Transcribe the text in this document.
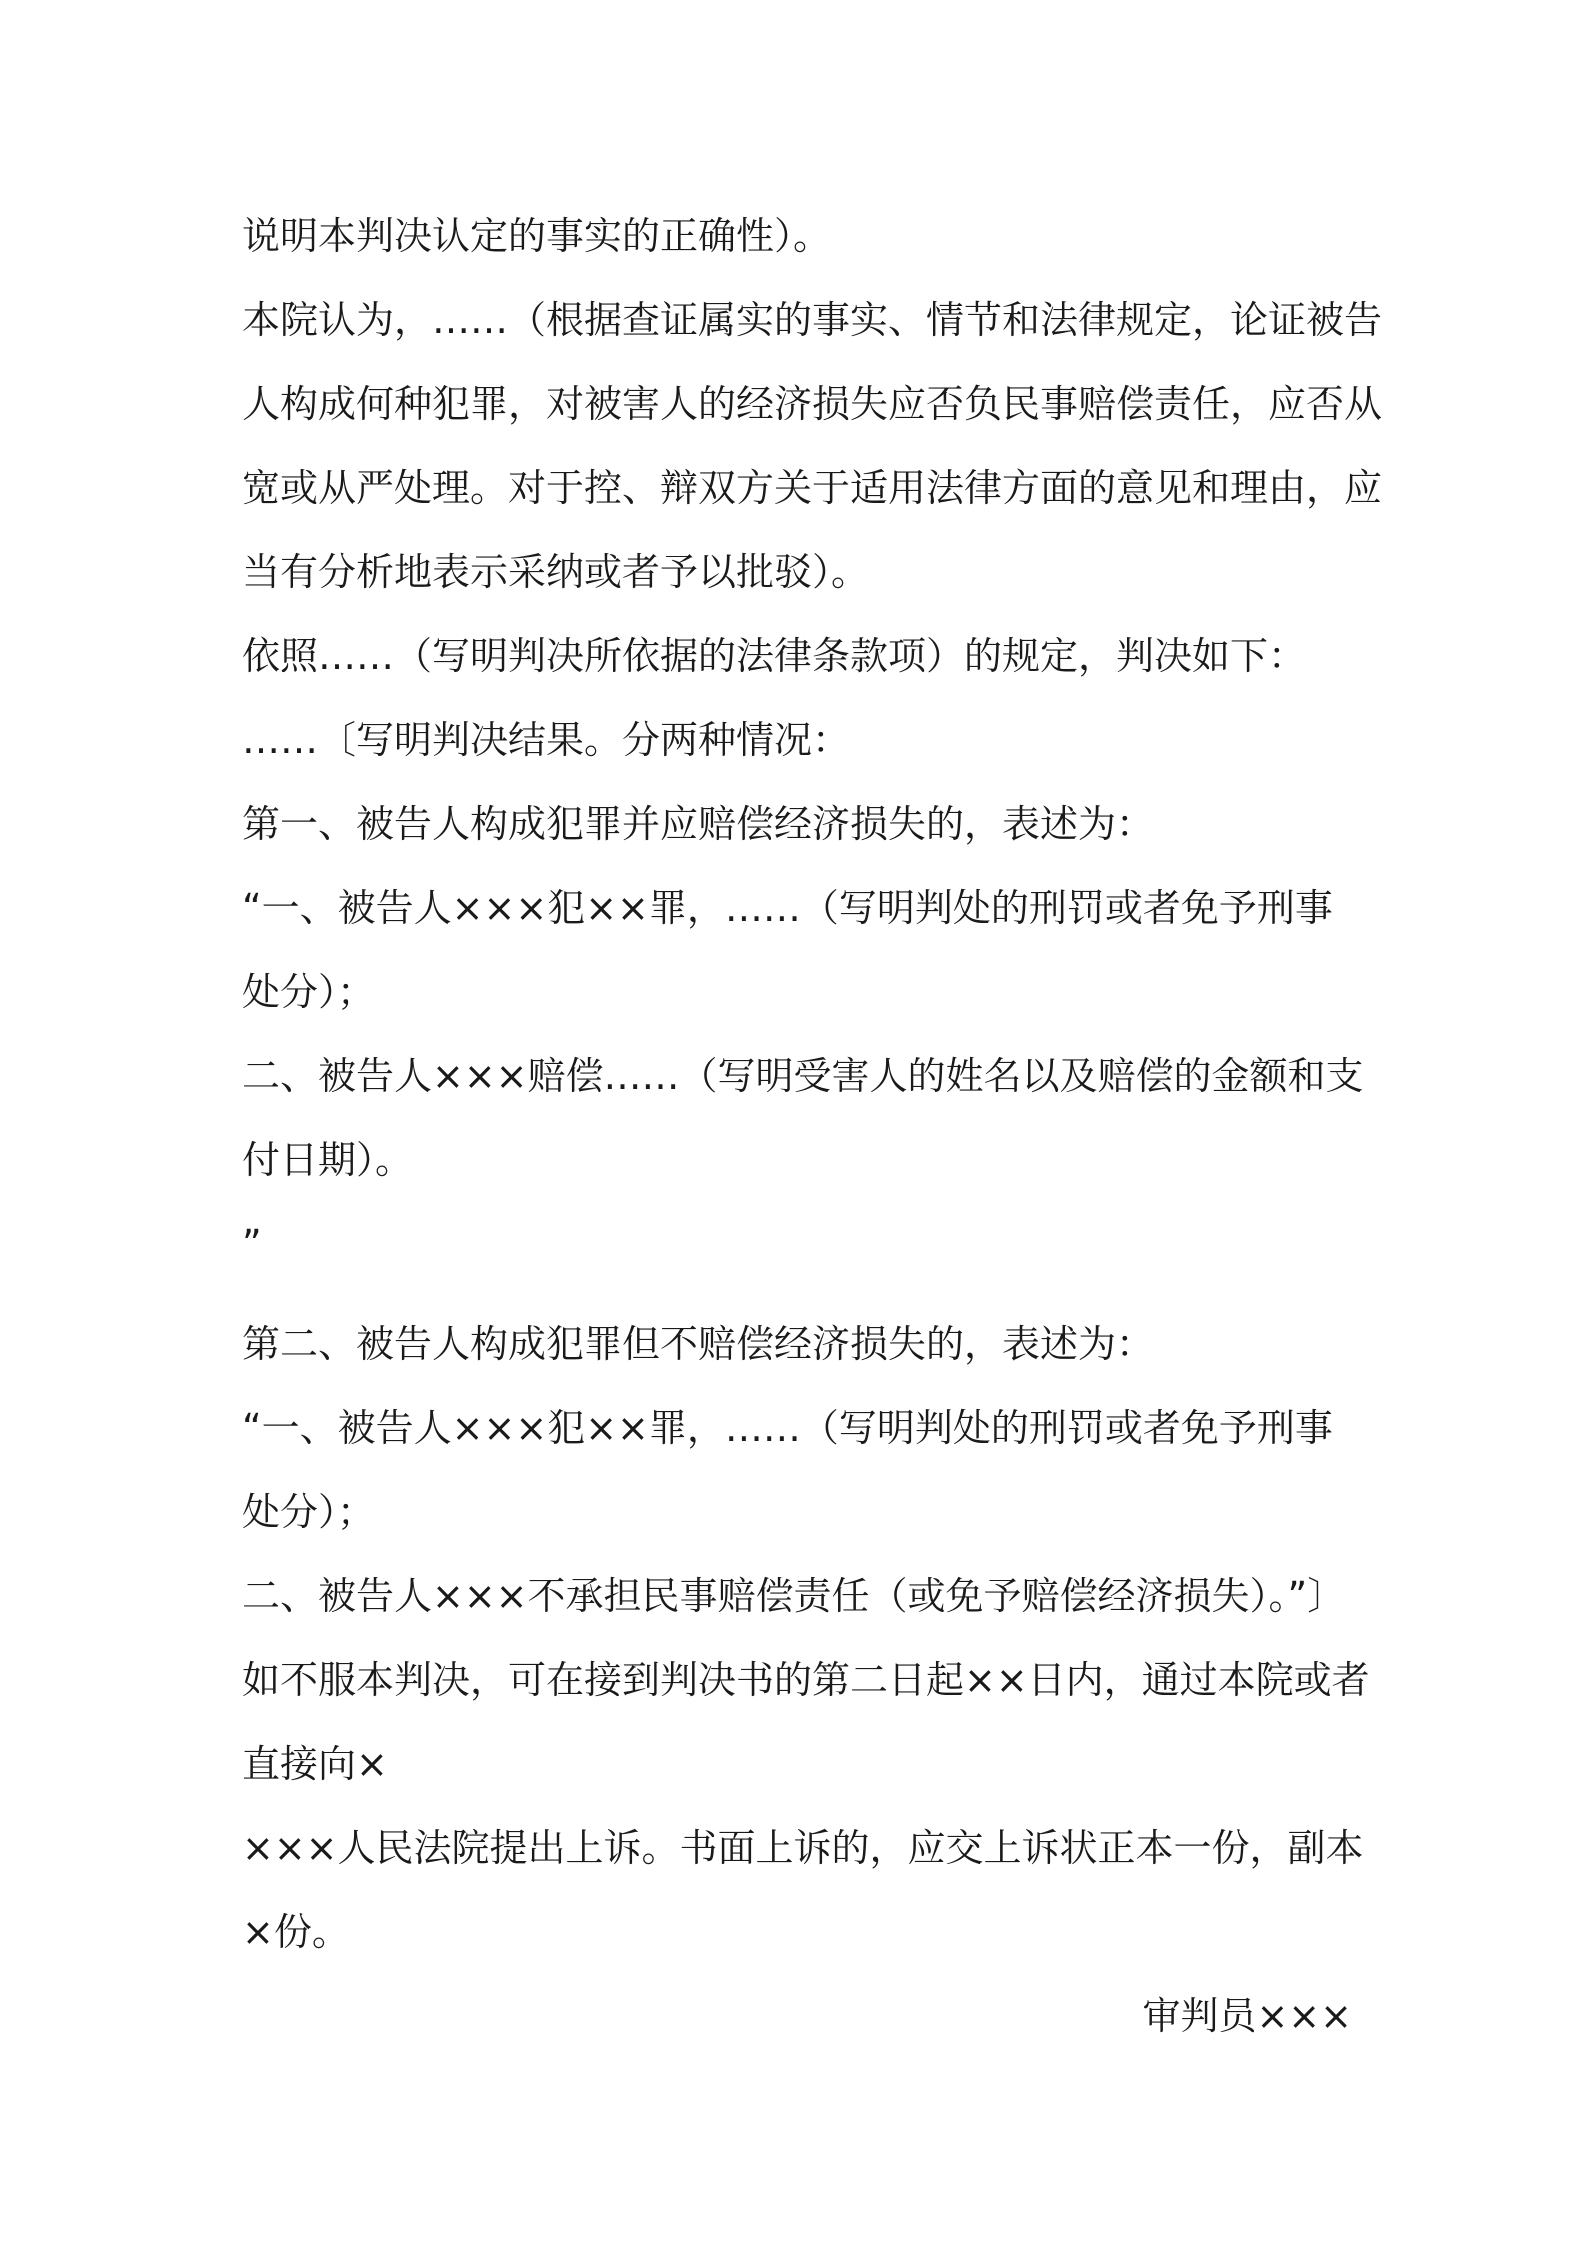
说明本判决认定的事实的正确性）。
本院认为，……（根据查证属实的事实、情节和法律规定，论证被告
人构成何种犯罪，对被害人的经济损失应否负民事赔偿责任，应否从
宽或从严处理。对于控、辩双方关于适用法律方面的意见和理由，应
当有分析地表示采纳或者予以批驳）。
依照……（写明判决所依据的法律条款项）的规定，判决如下：
……〔写明判决结果。分两种情况：
第一、被告人构成犯罪并应赔偿经济损失的，表述为：
“一、被告人×××犯××罪，……（写明判处的刑罚或者免予刑事
处分）；
二、被告人×××赔偿……（写明受害人的姓名以及赔偿的金额和支
付日期）。
”
第二、被告人构成犯罪但不赔偿经济损失的，表述为：
“一、被告人×××犯××罪，……（写明判处的刑罚或者免予刑事
处分）；
二、被告人×××不承担民事赔偿责任（或免予赔偿经济损失）。”〕
如不服本判决，可在接到判决书的第二日起××日内，通过本院或者
直接向×
×××人民法院提出上诉。书面上诉的，应交上诉状正本一份，副本
×份。
审判员×××
